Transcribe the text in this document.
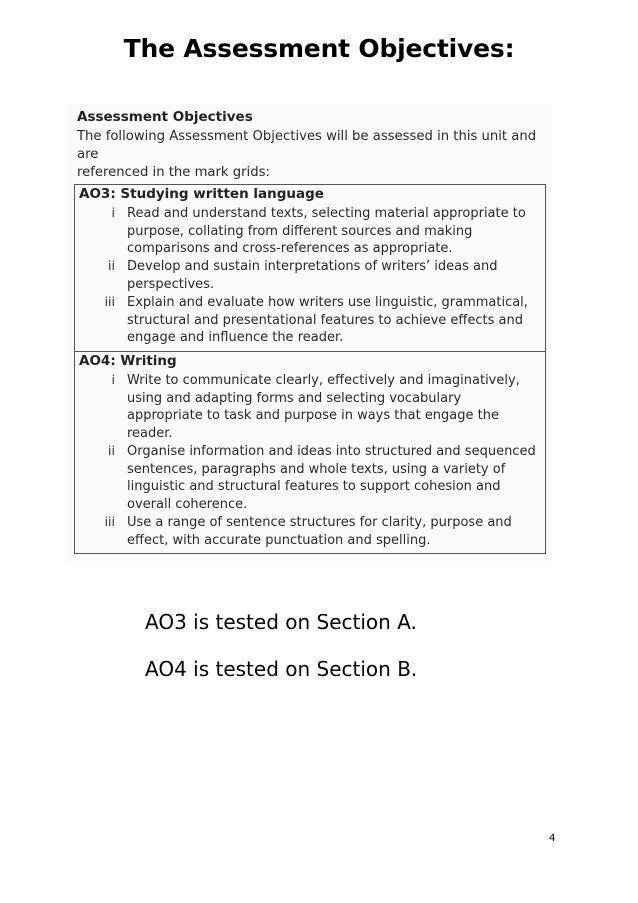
The Assessment Objectives:
Assessment Objectives
The following Assessment Objectives will be assessed in this unit and are
referenced in the mark grids:
AO3: Studying written language
i Read and understand texts, selecting material appropriate to
purpose, collating from different sources and making
comparisons and cross-references as appropriate.
ii Develop and sustain interpretations of writers’ ideas and
perspectives.
iii Explain and evaluate how writers use linguistic, grammatical,
structural and presentational features to achieve effects and
engage and influence the reader.
AO4: Writing
i Write to communicate clearly, effectively and imaginatively,
using and adapting forms and selecting vocabulary
appropriate to task and purpose in ways that engage the
reader.
ii Organise information and ideas into structured and sequenced
sentences, paragraphs and whole texts, using a variety of
linguistic and structural features to support cohesion and
overall coherence.
iii Use a range of sentence structures for clarity, purpose and
effect, with accurate punctuation and spelling.
AO3 is tested on Section A.
AO4 is tested on Section B.
4
